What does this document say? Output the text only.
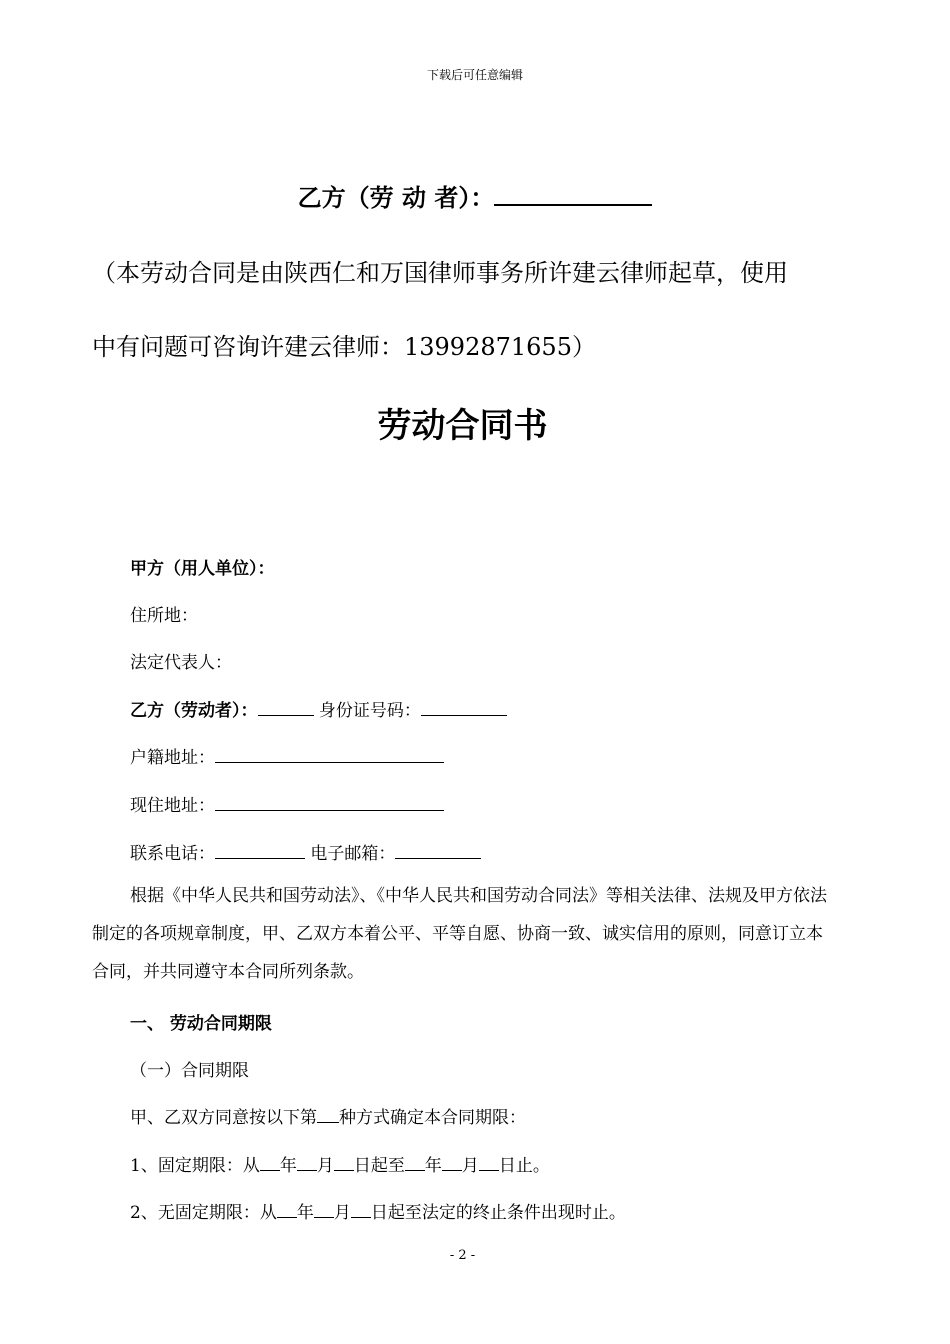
下载后可任意编辑
乙方（劳 动 者）：
（本劳动合同是由陕西仁和万国律师事务所许建云律师起草，使用
中有问题可咨询许建云律师：13992871655）
劳动合同书
甲方（用人单位）：
住所地：
法定代表人：
乙方（劳动者）：	身份证号码：
户籍地址：
现住地址：
联系电话：	电子邮箱：
根据《中华人民共和国劳动法》、《中华人民共和国劳动合同法》等相关法律、法规及甲方依法制定的各项规章制度，甲、乙双方本着公平、平等自愿、协商一致、诚实信用的原则，同意订立本合同，并共同遵守本合同所列条款。
一、 劳动合同期限
（一）合同期限
甲、乙双方同意按以下第 种方式确定本合同期限：
1、固定期限：从 年 月 日起至 年 月 日止。
2、无固定期限：从 年 月 日起至法定的终止条件出现时止。
- 2 -
